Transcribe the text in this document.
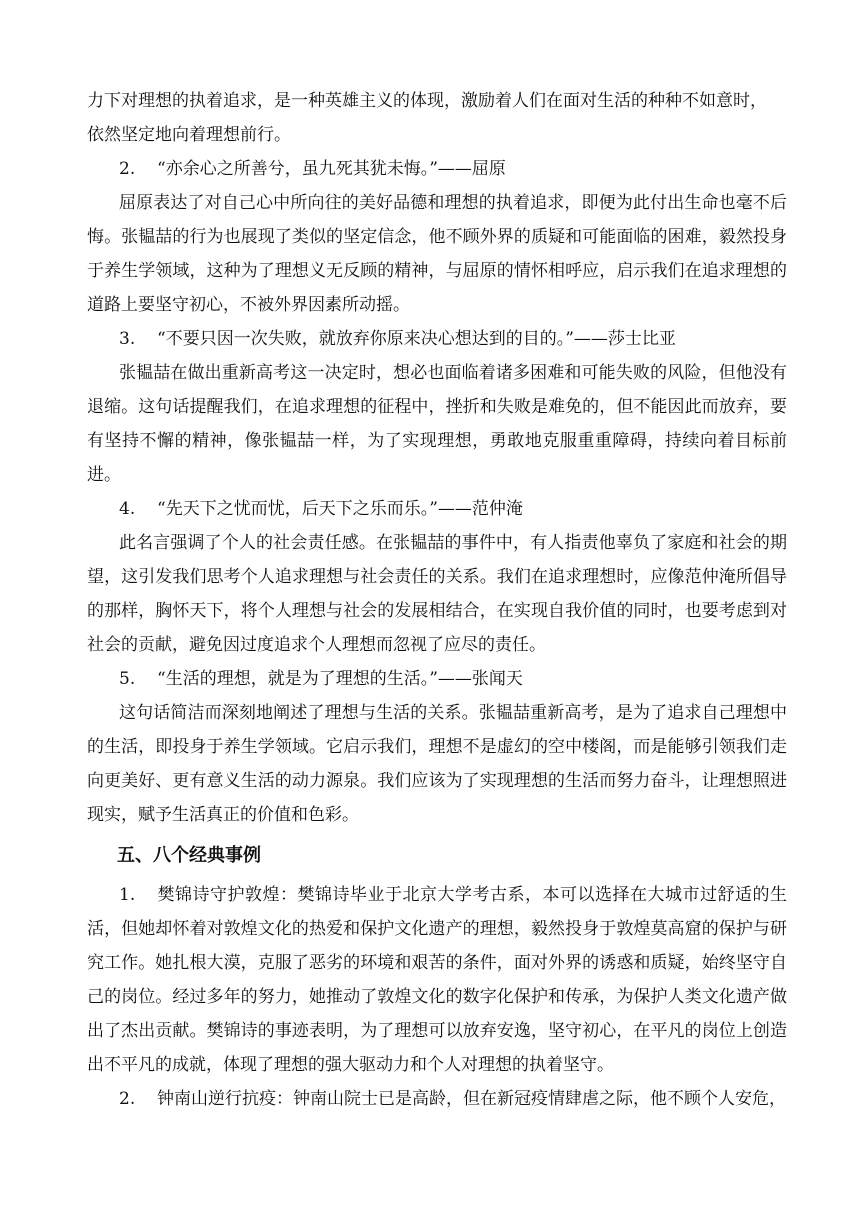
力下对理想的执着追求，是一种英雄主义的体现，激励着人们在面对生活的种种不如意时，

依然坚定地向着理想前行。

2. “亦余心之所善兮，虽九死其犹未悔。”——屈原

屈原表达了对自己心中所向往的美好品德和理想的执着追求，即便为此付出生命也毫不后悔。张韫喆的行为也展现了类似的坚定信念，他不顾外界的质疑和可能面临的困难，毅然投身于养生学领域，这种为了理想义无反顾的精神，与屈原的情怀相呼应，启示我们在追求理想的道路上要坚守初心，不被外界因素所动摇。

3. “不要只因一次失败，就放弃你原来决心想达到的目的。”——莎士比亚

张韫喆在做出重新高考这一决定时，想必也面临着诸多困难和可能失败的风险，但他没有退缩。这句话提醒我们，在追求理想的征程中，挫折和失败是难免的，但不能因此而放弃，要有坚持不懈的精神，像张韫喆一样，为了实现理想，勇敢地克服重重障碍，持续向着目标前进。

4. “先天下之忧而忧，后天下之乐而乐。”——范仲淹

此名言强调了个人的社会责任感。在张韫喆的事件中，有人指责他辜负了家庭和社会的期望，这引发我们思考个人追求理想与社会责任的关系。我们在追求理想时，应像范仲淹所倡导的那样，胸怀天下，将个人理想与社会的发展相结合，在实现自我价值的同时，也要考虑到对社会的贡献，避免因过度追求个人理想而忽视了应尽的责任。

5. “生活的理想，就是为了理想的生活。”——张闻天

这句话简洁而深刻地阐述了理想与生活的关系。张韫喆重新高考，是为了追求自己理想中的生活，即投身于养生学领域。它启示我们，理想不是虚幻的空中楼阁，而是能够引领我们走向更美好、更有意义生活的动力源泉。我们应该为了实现理想的生活而努力奋斗，让理想照进现实，赋予生活真正的价值和色彩。

五、八个经典事例

1. 樊锦诗守护敦煌：樊锦诗毕业于北京大学考古系，本可以选择在大城市过舒适的生活，但她却怀着对敦煌文化的热爱和保护文化遗产的理想，毅然投身于敦煌莫高窟的保护与研究工作。她扎根大漠，克服了恶劣的环境和艰苦的条件，面对外界的诱惑和质疑，始终坚守自己的岗位。经过多年的努力，她推动了敦煌文化的数字化保护和传承，为保护人类文化遗产做出了杰出贡献。樊锦诗的事迹表明，为了理想可以放弃安逸，坚守初心，在平凡的岗位上创造出不平凡的成就，体现了理想的强大驱动力和个人对理想的执着坚守。

2. 钟南山逆行抗疫：钟南山院士已是高龄，但在新冠疫情肆虐之际，他不顾个人安危，
